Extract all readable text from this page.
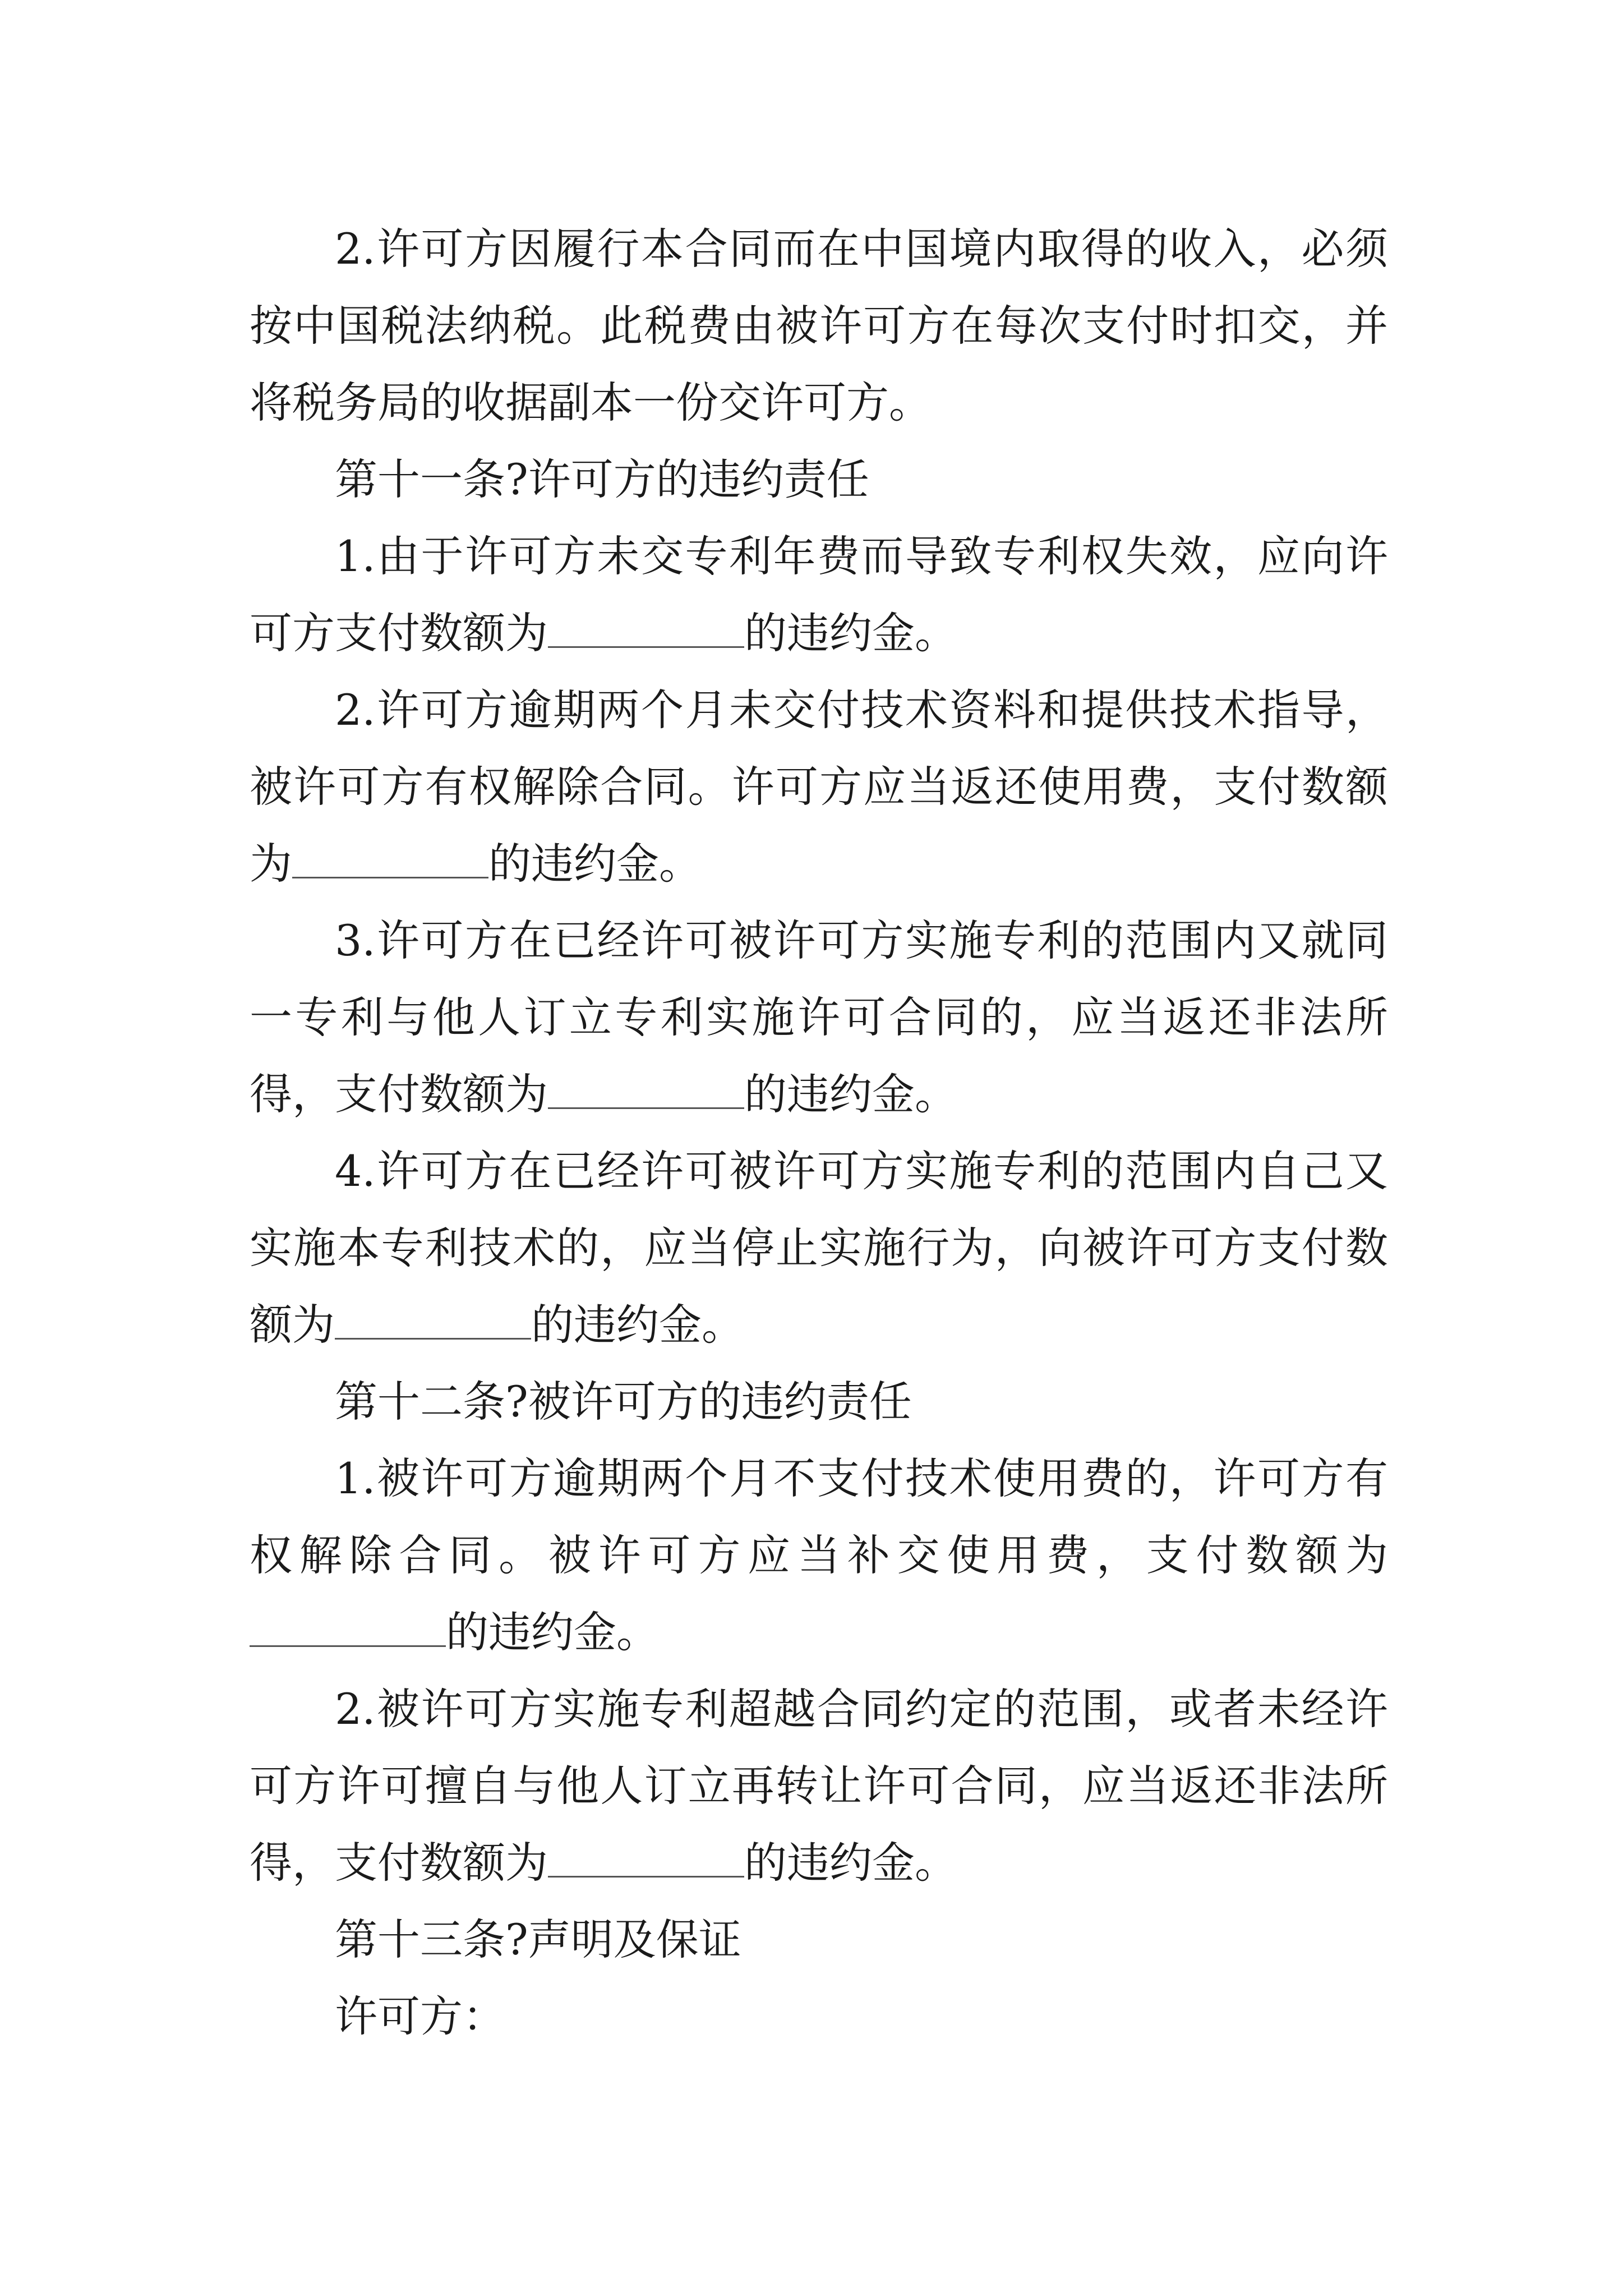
2.许可方因履行本合同而在中国境内取得的收入，必须按中国税法纳税。此税费由被许可方在每次支付时扣交，并将税务局的收据副本一份交许可方。

第十一条?许可方的违约责任

1.由于许可方未交专利年费而导致专利权失效，应向许可方支付数额为	的违约金。

2.许可方逾期两个月未交付技术资料和提供技术指导，被许可方有权解除合同。许可方应当返还使用费，支付数额为	的违约金。

3.许可方在已经许可被许可方实施专利的范围内又就同一专利与他人订立专利实施许可合同的，应当返还非法所得，支付数额为	的违约金。

4.许可方在已经许可被许可方实施专利的范围内自己又实施本专利技术的，应当停止实施行为，向被许可方支付数额为	的违约金。

第十二条?被许可方的违约责任

1.被许可方逾期两个月不支付技术使用费的，许可方有权解除合同。被许可方应当补交使用费，支付数额为的违约金。

2.被许可方实施专利超越合同约定的范围，或者未经许可方许可擅自与他人订立再转让许可合同，应当返还非法所得，支付数额为	的违约金。

第十三条?声明及保证

许可方：
